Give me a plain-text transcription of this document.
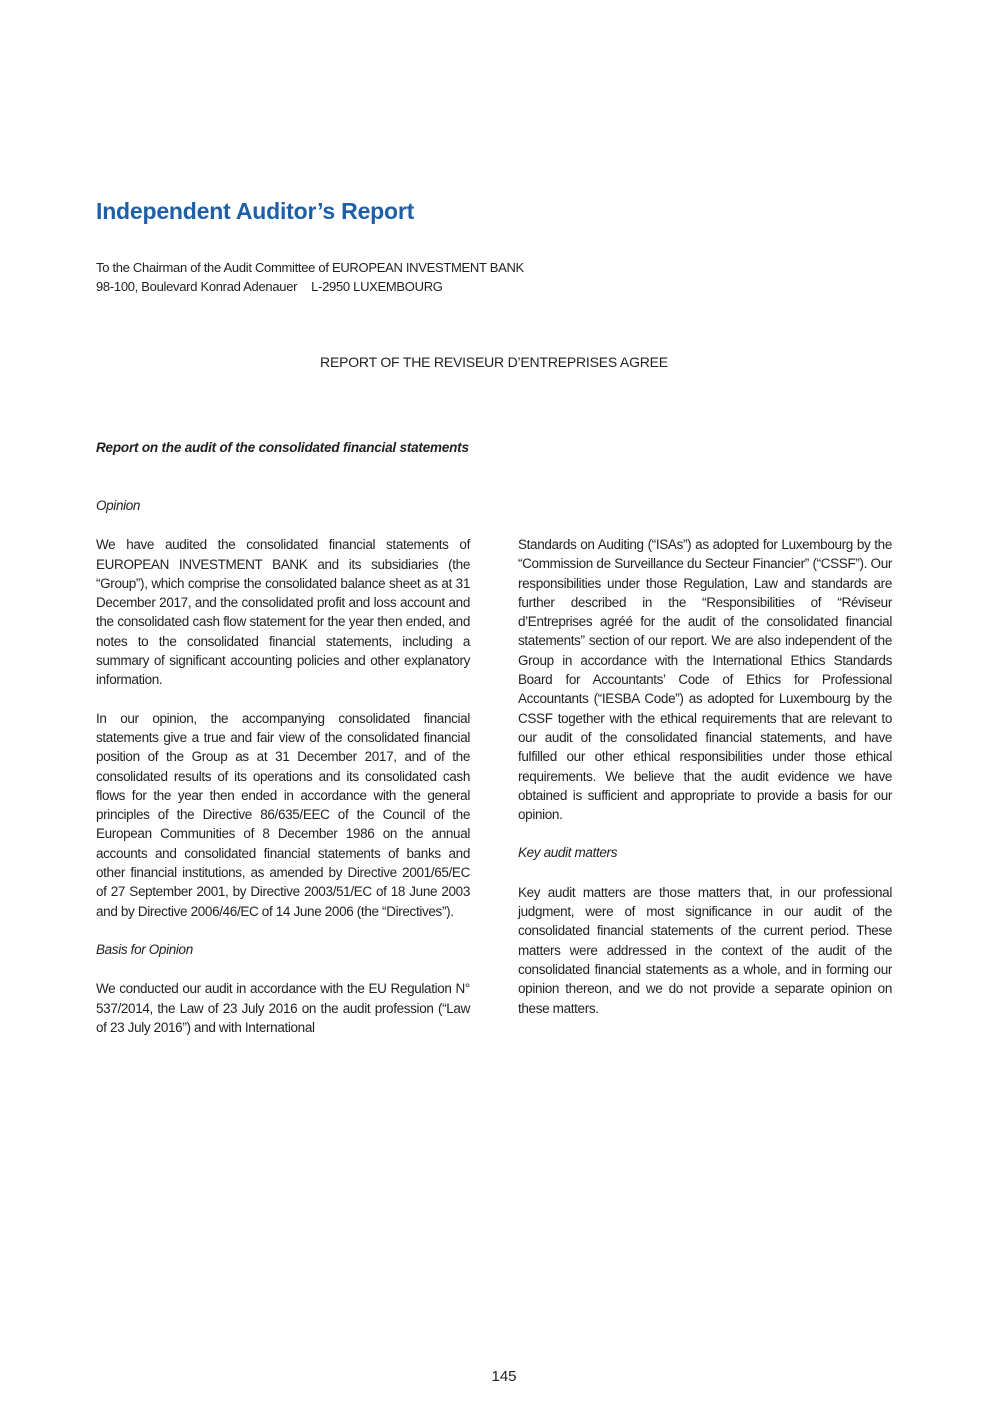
Independent Auditor’s Report
To the Chairman of the Audit Committee of EUROPEAN INVESTMENT BANK
98-100, Boulevard Konrad Adenauer L-2950 LUXEMBOURG
REPORT OF THE REVISEUR D’ENTREPRISES AGREE
Report on the audit of the consolidated financial statements

Opinion

We have audited the consolidated financial statements of EUROPEAN INVESTMENT BANK and its subsidiaries (the “Group”), which comprise the consolidated balance sheet as at 31 December 2017, and the consolidated profit and loss account and the consolidated cash flow statement for the year then ended, and notes to the consolidated financial statements, including a summary of significant accounting policies and other explanatory information.

In our opinion, the accompanying consolidated financial statements give a true and fair view of the consolidated financial position of the Group as at 31 December 2017, and of the consolidated results of its operations and its consolidated cash flows for the year then ended in accordance with the general principles of the Directive 86/635/EEC of the Council of the European Communities of 8 December 1986 on the annual accounts and consolidated financial statements of banks and other financial institutions, as amended by Directive 2001/65/EC of 27 September 2001, by Directive 2003/51/EC of 18 June 2003 and by Directive 2006/46/EC of 14 June 2006 (the “Directives”).

Basis for Opinion

We conducted our audit in accordance with the EU Regulation N° 537/2014, the Law of 23 July 2016 on the audit profession (“Law of 23 July 2016”) and with International

Standards on Auditing (“ISAs”) as adopted for Luxembourg by the “Commission de Surveillance du Secteur Financier” (“CSSF”). Our responsibilities under those Regulation, Law and standards are further described in the “Responsibilities of “Réviseur d’Entreprises agréé for the audit of the consolidated financial statements” section of our report. We are also independent of the Group in accordance with the International Ethics Standards Board for Accountants’ Code of Ethics for Professional Accountants (“IESBA Code”) as adopted for Luxembourg by the CSSF together with the ethical requirements that are relevant to our audit of the consolidated financial statements, and have fulfilled our other ethical responsibilities under those ethical requirements. We believe that the audit evidence we have obtained is sufficient and appropriate to provide a basis for our opinion.

Key audit matters

Key audit matters are those matters that, in our professional judgment, were of most significance in our audit of the consolidated financial statements of the current period. These matters were addressed in the context of the audit of the consolidated financial statements as a whole, and in forming our opinion thereon, and we do not provide a separate opinion on these matters.

145
